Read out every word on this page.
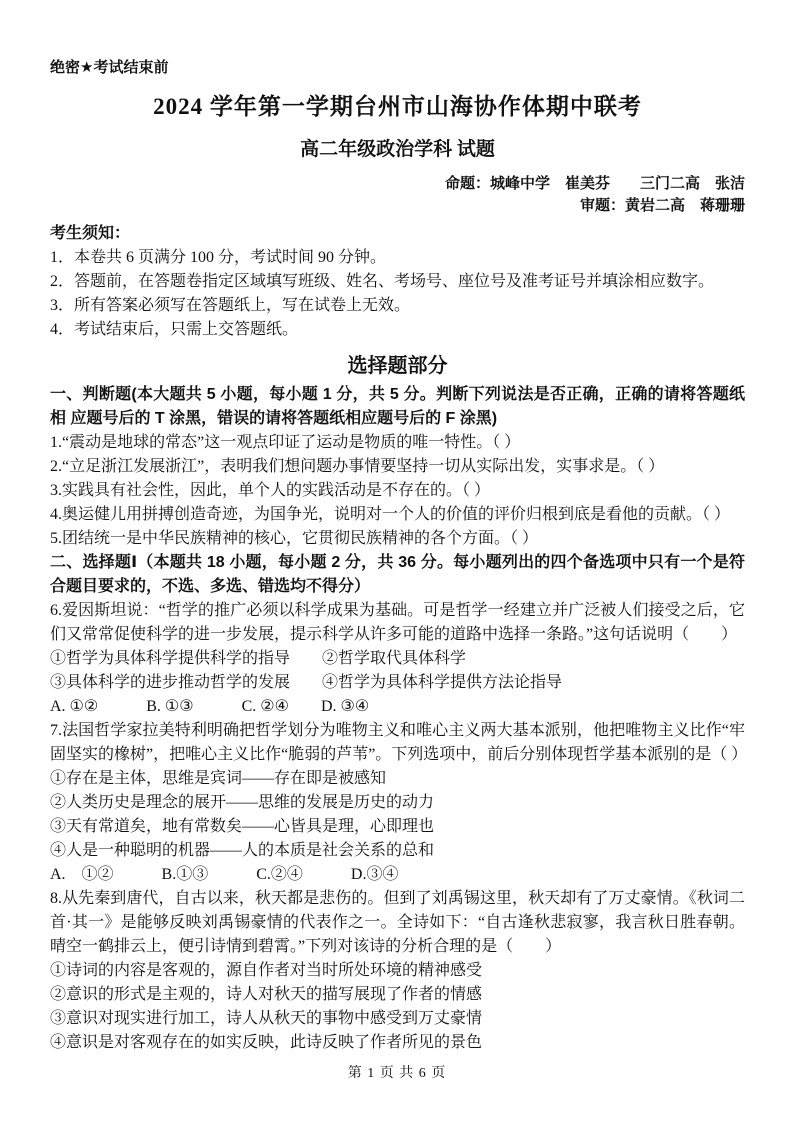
绝密★考试结束前
2024 学年第一学期台州市山海协作体期中联考
高二年级政治学科 试题
命题：城峰中学　崔美芬　　三门二高　张洁
审题：黄岩二高　蒋珊珊
考生须知：
1．本卷共 6 页满分 100 分，考试时间 90 分钟。
2．答题前，在答题卷指定区域填写班级、姓名、考场号、座位号及准考证号并填涂相应数字。
3．所有答案必须写在答题纸上，写在试卷上无效。
4．考试结束后，只需上交答题纸。
选择题部分
一、判断题(本大题共 5 小题，每小题 1 分，共 5 分。判断下列说法是否正确，正确的请将答题纸相 应题号后的 T 涂黑，错误的请将答题纸相应题号后的 F 涂黑)
1.“震动是地球的常态”这一观点印证了运动是物质的唯一特性。（ ）
2.“立足浙江发展浙江”，表明我们想问题办事情要坚持一切从实际出发，实事求是。（ ）
3.实践具有社会性，因此，单个人的实践活动是不存在的。（ ）
4.奥运健儿用拼搏创造奇迹，为国争光，说明对一个人的价值的评价归根到底是看他的贡献。（ ）
5.团结统一是中华民族精神的核心，它贯彻民族精神的各个方面。（ ）
二、选择题Ⅰ（本题共 18 小题，每小题 2 分，共 36 分。每小题列出的四个备选项中只有一个是符合题目要求的，不选、多选、错选均不得分）
6.爱因斯坦说：“哲学的推广必须以科学成果为基础。可是哲学一经建立并广泛被人们接受之后，它们又常常促使科学的进一步发展，提示科学从许多可能的道路中选择一条路。”这句话说明（　　）
①哲学为具体科学提供科学的指导　　②哲学取代具体科学
③具体科学的进步推动哲学的发展　　④哲学为具体科学提供方法论指导
A. ①②　　　B. ①③　　　C. ②④　　D. ③④
7.法国哲学家拉美特利明确把哲学划分为唯物主义和唯心主义两大基本派别，他把唯物主义比作“牢固坚实的橡树”，把唯心主义比作“脆弱的芦苇”。下列选项中，前后分别体现哲学基本派别的是（ ）
①存在是主体，思维是宾词——存在即是被感知
②人类历史是理念的展开——思维的发展是历史的动力
③天有常道矣，地有常数矣——心皆具是理，心即理也
④人是一种聪明的机器——人的本质是社会关系的总和
A.　①②　　　B.①③　　　C.②④　　　D.③④
8.从先秦到唐代，自古以来，秋天都是悲伤的。但到了刘禹锡这里，秋天却有了万丈豪情。《秋词二首·其一》是能够反映刘禹锡豪情的代表作之一。全诗如下：“自古逢秋悲寂寥，我言秋日胜春朝。晴空一鹤排云上，便引诗情到碧霄。”下列对该诗的分析合理的是（　　）
①诗词的内容是客观的，源自作者对当时所处环境的精神感受
②意识的形式是主观的，诗人对秋天的描写展现了作者的情感
③意识对现实进行加工，诗人从秋天的事物中感受到万丈豪情
④意识是对客观存在的如实反映，此诗反映了作者所见的景色
第 1 页 共 6 页
